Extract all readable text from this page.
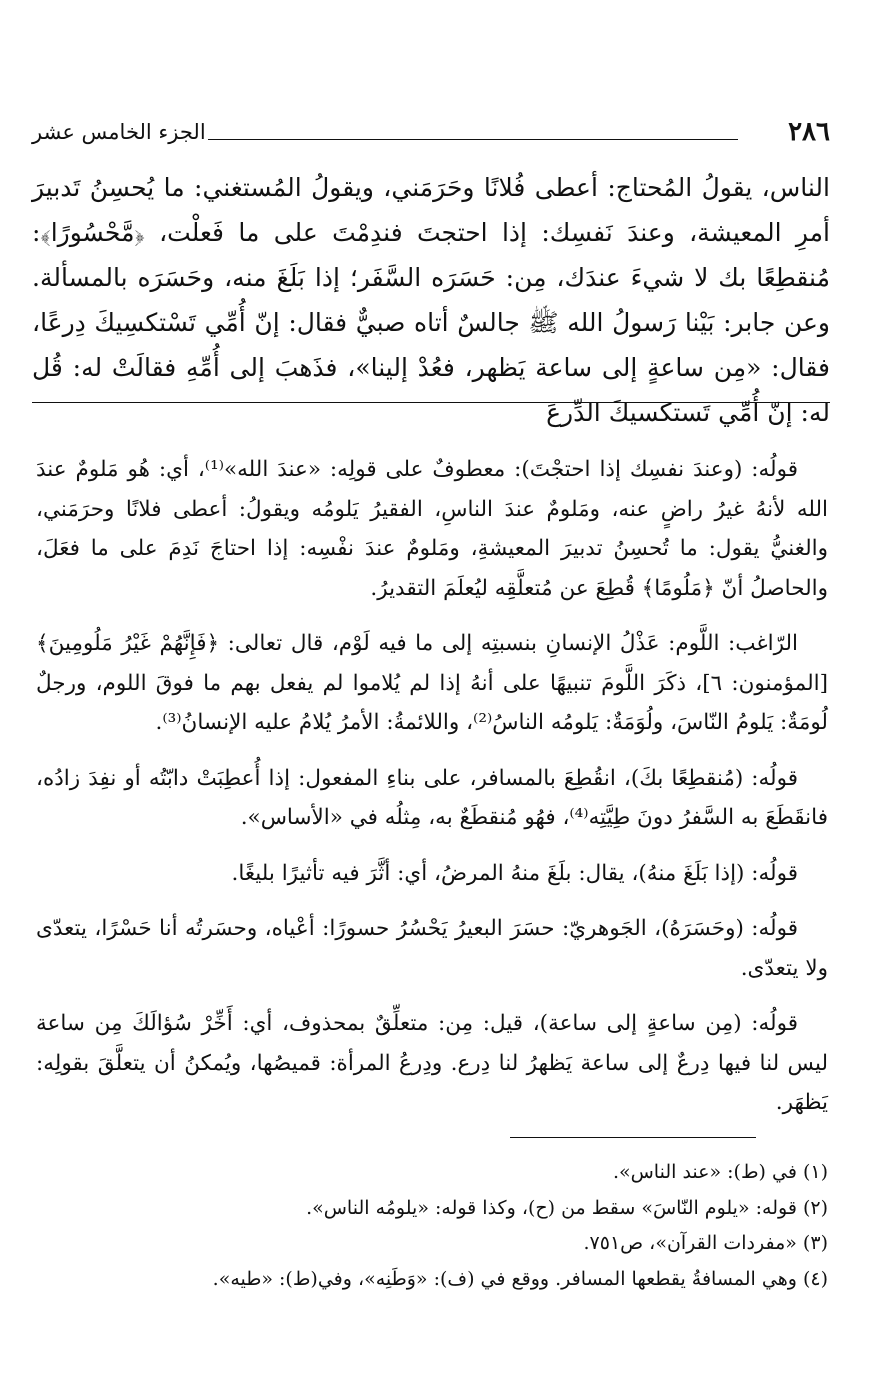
٢٨٦
الجزء الخامس عشر
الناس، يقولُ المُحتاج: أعطى فُلانًا وحَرَمَني، ويقولُ المُستغني: ما يُحسِنُ تَدبيرَ أمرِ المعيشة، وعندَ نَفسِك: إذا احتجتَ فندِمْتَ على ما فَعلْت، ﴿مَّحْسُورًا﴾: مُنقطِعًا بك لا شيءَ عندَك، مِن: حَسَرَه السَّفَر؛ إذا بَلَغَ منه، وحَسَرَه بالمسألة. وعن جابر: بَيْنا رَسولُ الله ﷺ جالسٌ أتاه صبيٌّ فقال: إنّ أُمِّي تَسْتكسِيكَ دِرعًا، فقال: «مِن ساعةٍ إلى ساعة يَظهر، فعُدْ إلينا»، فذَهبَ إلى أُمِّهِ فقالَتْ له: قُل له: إنّ أُمِّي تَستكسيكَ الدِّرعَ

قولُه: (وعندَ نفسِك إذا احتجْتَ): معطوفٌ على قولِه: «عندَ الله»⁽¹⁾، أي: هُو مَلومٌ عندَ الله لأنهُ غيرُ راضٍ عنه، ومَلومٌ عندَ الناسِ، الفقيرُ يَلومُه ويقولُ: أعطى فلانًا وحرَمَني، والغنيُّ يقول: ما تُحسِنُ تدبيرَ المعيشةِ، ومَلومٌ عندَ نفْسِه: إذا احتاجَ نَدِمَ على ما فعَلَ، والحاصلُ أنّ ﴿مَلُومًا﴾ قُطِعَ عن مُتعلَّقِه ليُعلَمَ التقديرُ.

الرّاغب: اللَّوم: عَذْلُ الإنسانِ بنسبتِه إلى ما فيه لَوْم، قال تعالى: ﴿فَإِنَّهُمْ غَيْرُ مَلُومِينَ﴾ [المؤمنون: ٦]، ذكَرَ اللَّومَ تنبيهًا على أنهُ إذا لم يُلاموا لم يفعل بهم ما فوقَ اللوم، ورجلٌ لُومَةٌ: يَلومُ النّاسَ، ولُوَمَةٌ: يَلومُه الناسُ⁽²⁾، واللائمةُ: الأمرُ يُلامُ عليه الإنسانُ⁽³⁾.

قولُه: (مُنقطِعًا بكَ)، انقُطِعَ بالمسافر، على بناءِ المفعول: إذا أُعطِبَتْ دابّتُه أو نفِدَ زادُه، فانقَطَعَ به السَّفرُ دونَ طِيَّتِه⁽⁴⁾، فهُو مُنقطَعٌ به، مِثلُه في «الأساس».

قولُه: (إذا بَلَغَ منهُ)، يقال: بلَغَ منهُ المرضُ، أي: أثَّرَ فيه تأثيرًا بليغًا.

قولُه: (وحَسَرَهُ)، الجَوهريّ: حسَرَ البعيرُ يَحْسُرُ حسورًا: أعْياه، وحسَرتُه أنا حَسْرًا، يتعدّى ولا يتعدّى.

قولُه: (مِن ساعةٍ إلى ساعة)، قيل: مِن: متعلِّقٌ بمحذوف، أي: أَخِّرْ سُؤالَكَ مِن ساعة ليس لنا فيها دِرعٌ إلى ساعة يَظهرُ لنا دِرع. ودِرعُ المرأة: قميصُها، ويُمكنُ أن يتعلَّقَ بقولِه: يَظهَر.

(١) في (ط): «عند الناس».

(٢) قوله: «يلوم النّاسَ» سقط من (ح)، وكذا قوله: «يلومُه الناس».

(٣) «مفردات القرآن»، ص٧٥١.

(٤) وهي المسافةُ يقطعها المسافر. ووقع في (ف): «وَطَنِه»، وفي(ط): «طيه».
